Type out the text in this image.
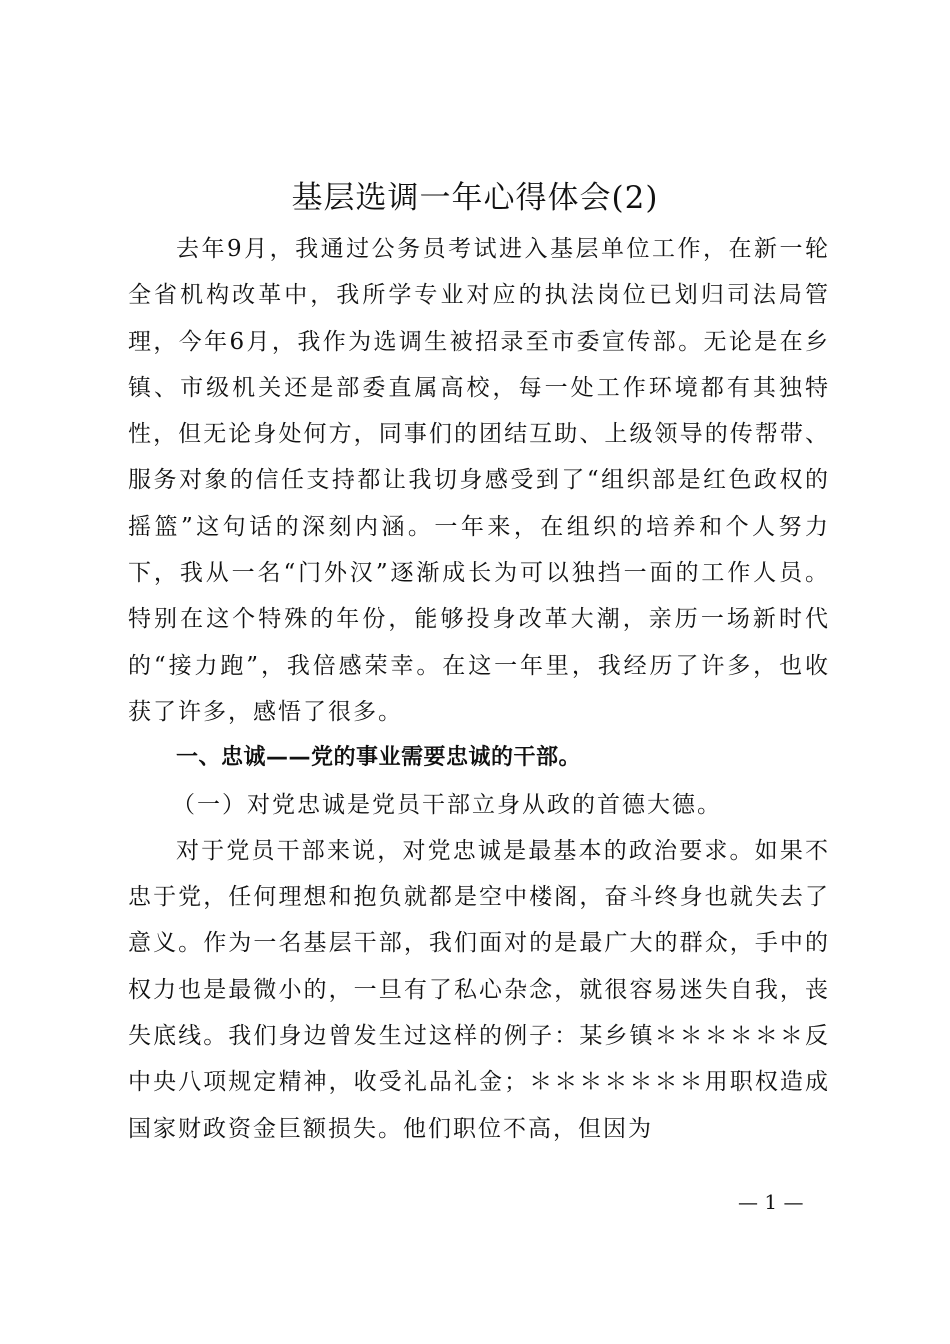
基层选调一年心得体会(2)

去年9月，我通过公务员考试进入基层单位工作，在新一轮全省机构改革中，我所学专业对应的执法岗位已划归司法局管理，今年6月，我作为选调生被招录至市委宣传部。无论是在乡镇、市级机关还是部委直属高校，每一处工作环境都有其独特性，但无论身处何方，同事们的团结互助、上级领导的传帮带、服务对象的信任支持都让我切身感受到了“组织部是红色政权的摇篮”这句话的深刻内涵。一年来，在组织的培养和个人努力下，我从一名“门外汉”逐渐成长为可以独挡一面的工作人员。特别在这个特殊的年份，能够投身改革大潮，亲历一场新时代的“接力跑”，我倍感荣幸。在这一年里，我经历了许多，也收获了许多，感悟了很多。

一、忠诚——党的事业需要忠诚的干部。

（一）对党忠诚是党员干部立身从政的首德大德。

对于党员干部来说，对党忠诚是最基本的政治要求。如果不忠于党，任何理想和抱负就都是空中楼阁，奋斗终身也就失去了意义。作为一名基层干部，我们面对的是最广大的群众，手中的权力也是最微小的，一旦有了私心杂念，就很容易迷失自我，丧失底线。我们身边曾发生过这样的例子：某乡镇＊＊＊＊＊＊反中央八项规定精神，收受礼品礼金；＊＊＊＊＊＊＊用职权造成国家财政资金巨额损失。他们职位不高，但因为

— 1 —
